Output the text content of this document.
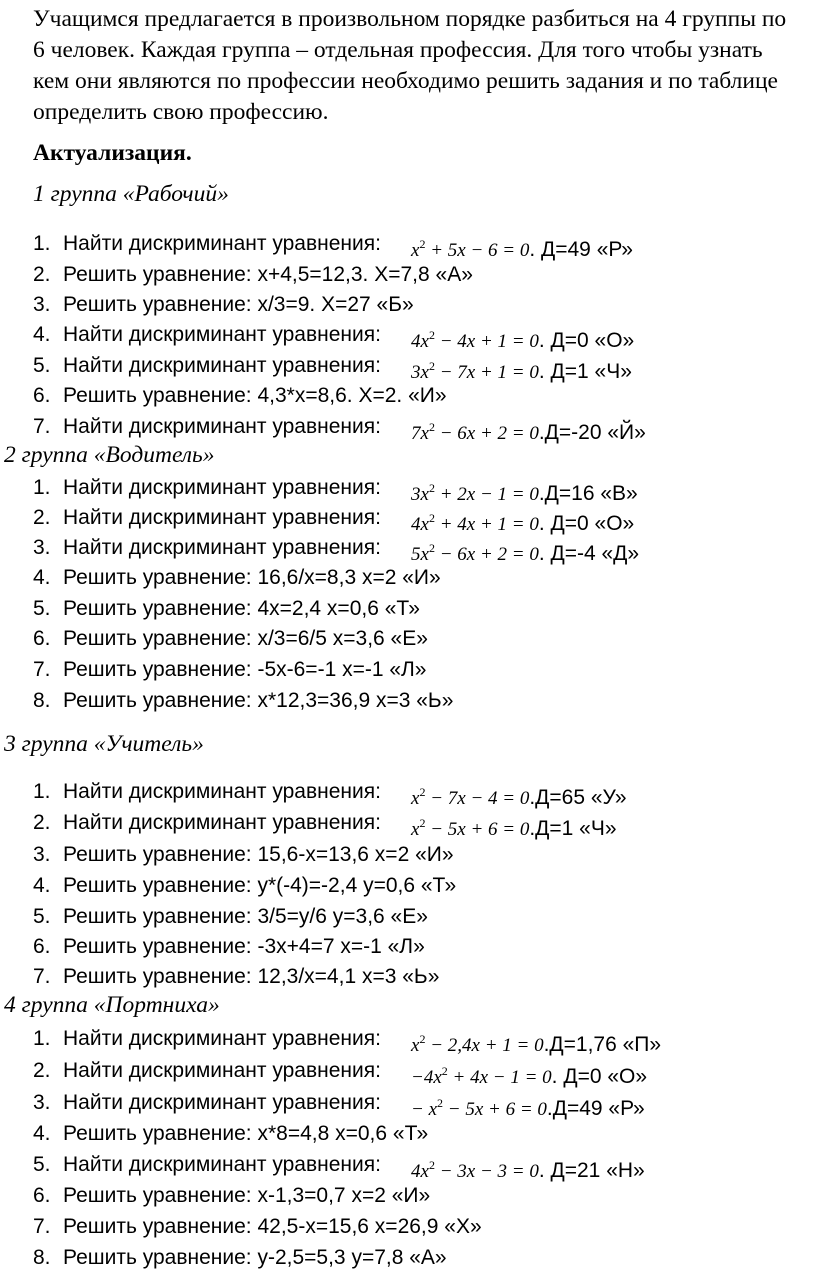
Учащимся предлагается в произвольном порядке разбиться на 4 группы по 6 человек. Каждая группа – отдельная профессия. Для того чтобы узнать кем они являются по профессии необходимо решить задания и по таблице определить свою профессию.
Актуализация.
1 группа «Рабочий»
1. Найти дискриминант уравнения: $x^2 + 5x - 6 = 0$. Д=49 «Р»
2. Решить уравнение: х+4,5=12,3. Х=7,8 «А»
3. Решить уравнение: х/3=9. Х=27 «Б»
4. Найти дискриминант уравнения: $4x^2 - 4x + 1 = 0$. Д=0 «О»
5. Найти дискриминант уравнения: $3x^2 - 7x + 1 = 0$. Д=1 «Ч»
6. Решить уравнение: 4,3*х=8,6. Х=2. «И»
7. Найти дискриминант уравнения: $7x^2 - 6x + 2 = 0.Д=-20$ «Й»
2 группа «Водитель»
1. Найти дискриминант уравнения: $3x^2 + 2x - 1 = 0.Д=16$ «В»
2. Найти дискриминант уравнения: $4x^2 + 4x + 1 = 0$. Д=0 «О»
3. Найти дискриминант уравнения: $5x^2 - 6x + 2 = 0$. Д=-4 «Д»
4. Решить уравнение: 16,6/х=8,3 х=2 «И»
5. Решить уравнение: 4х=2,4 х=0,6 «Т»
6. Решить уравнение: х/3=6/5 х=3,6 «Е»
7. Решить уравнение: -5х-6=-1 х=-1 «Л»
8. Решить уравнение: х*12,3=36,9 х=3 «Ь»
3 группа «Учитель»
1. Найти дискриминант уравнения: $x^2 - 7x - 4 = 0.Д=65$ «У»
2. Найти дискриминант уравнения: $x^2 - 5x + 6 = 0.Д=1$ «Ч»
3. Решить уравнение: 15,6-х=13,6 х=2 «И»
4. Решить уравнение: у*(-4)=-2,4 у=0,6 «Т»
5. Решить уравнение: 3/5=у/6 у=3,6 «Е»
6. Решить уравнение: -3х+4=7 х=-1 «Л»
7. Решить уравнение: 12,3/х=4,1 х=3 «Ь»
4 группа «Портниха»
1. Найти дискриминант уравнения: $x^2 - 2,4x + 1 = 0.Д=1,76$ «П»
2. Найти дискриминант уравнения: $-4x^2 + 4x - 1 = 0$. Д=0 «О»
3. Найти дискриминант уравнения: − $x^2 - 5x + 6 = 0.Д=49$ «Р»
4. Решить уравнение: х*8=4,8 х=0,6 «Т»
5. Найти дискриминант уравнения: $4x^2 - 3x - 3 = 0$. Д=21 «Н»
6. Решить уравнение: х-1,3=0,7 х=2 «И»
7. Решить уравнение: 42,5-х=15,6 х=26,9 «Х»
8. Решить уравнение: у-2,5=5,3 у=7,8 «А»
